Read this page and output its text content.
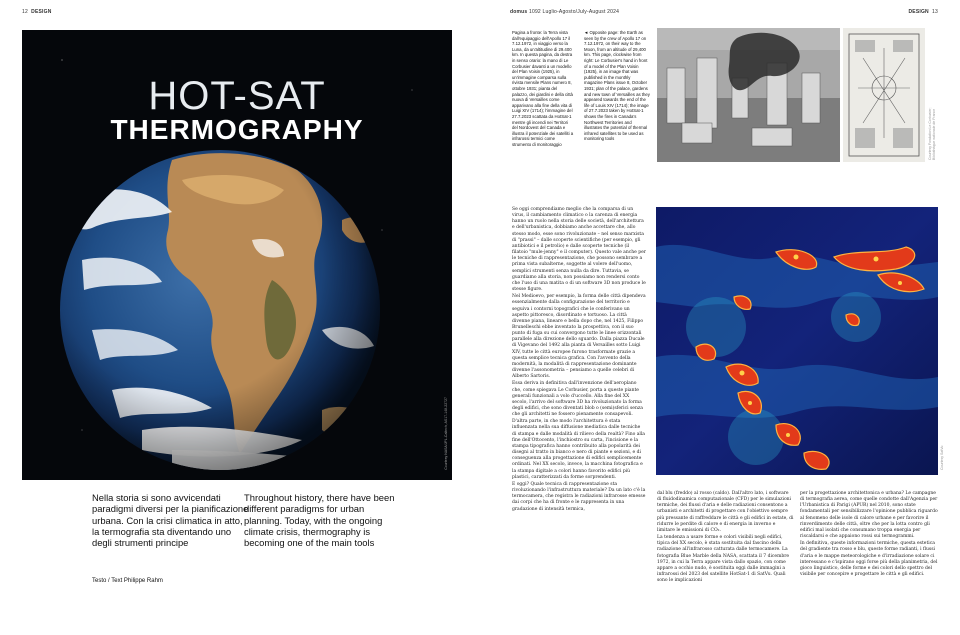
12 DESIGN
HOT-SAT
THERMOGRAPHY
Courtesy NASA/JPL-Caltech, AS17-148-22727
Nella storia si sono avvicendati paradigmi diversi per la pianificazione urbana. Con la crisi climatica in atto, la termografia sta diventando uno degli strumenti principe
Throughout history, there have been different paradigms for urban planning. Today, with the ongoing climate crisis, thermography is becoming one of the main tools
Testo / Text Philippe Rahm
domus 1092 Luglio-Agosto/July-August 2024	DESIGN 13
Pagina a fronte: la Terra vista dall'equipaggio dell'Apollo 17 il 7.12.1972, in viaggio verso la Luna, da un'altitudine di 29.400 km. In questa pagina, da destra in senso orario: la mano di Le Corbusier davanti a un modello del Plan Voisin (1925), in un'immagine comparsa sulla rivista mensile Plans numero 8, ottobre 1931; pianta del palazzo, dei giardini e della città nuova di Versailles come apparivano alla fine della vita di Luigi XIV (1714); l'immagine del 27.7.2023 scattata da HotSat-1 mentre gli incendi nei Territori del Nordovest del Canada e illustra il potenziale dei satelliti a infrarossi termici come strumento di monitoraggio
◄ Opposite page: the Earth as seen by the crew of Apollo 17 on 7.12.1972, on their way to the Moon, from an altitude of 29,400 km. This page, clockwise from right: Le Corbusier's hand in front of a model of the Plan Voisin (1925), in an image that was published in the monthly magazine Plans issue 8, October 1931; plan of the palace, gardens and new town of Versailles as they appeared towards the end of the life of Louis XIV (1714); the image of 27.7.2023 taken by HotSat-1 shows the fires in Canada's Northwest Territories and illustrates the potential of thermal infrared satellites to be used as monitoring tools	Courtesy Fondation Le Corbusier; Bibliothèque nationale de France
Courtesy SatVu

Se oggi comprendiamo meglio che la comparsa di un virus, il cambiamento climatico o la carenza di energia hanno un ruolo nella storia delle società, dell'architettura e dell'urbanistica, dobbiamo anche accettare che, allo stesso modo, esse sono rivoluzionate – nel senso marxista di "prassi" – dalle scoperte scientifiche (per esempio, gli antibiotici e il petrolio) e dalle scoperte tecniche (il filatoio "mule-jenny" e il computer). Questo vale anche per le tecniche di rappresentazione, che possono sembrare a prima vista subalterne, soggette al volere dell'uomo, semplici strumenti senza nulla da dire. Tuttavia, se guardiamo alla storia, non possiamo non rendersi conto che l'uso di una matita o di un software 3D non produce le stesse figure.

Nel Medioevo, per esempio, la forma delle città dipendeva essenzialmente dalla configurazione del territorio e seguiva i contorni topografici che le conferivano un aspetto pittoresco, disordinato e tortuoso. La città divenne piana, lineare e bella dopo che, nel 1425, Filippo Brunelleschi ebbe inventato la prospettiva, con il suo punto di fuga su cui convergono tutte le linee orizzontali parallele alla direzione dello sguardo. Dalla piazza Ducale di Vigevano del 1492 alla pianta di Versailles sotto Luigi XIV, tutte le città europee furono trasformate grazie a questa semplice tecnica grafica. Con l'avvento della modernità, la modalità di rappresentazione dominante divenne l'assonometria – pensiamo a quelle celebri di Alberto Sartoris.

Essa deriva in definitiva dall'invenzione dell'aeroplano che, come spiegava Le Corbusier, porta a queste piante generali funzionali a volo d'uccello. Alla fine del XX secolo, l'arrivo del software 3D ha rivoluzionato la forma degli edifici, che sono diventati blob o (semi)sferici senza che gli architetti ne fossero pienamente consapevoli.

D'altra parte, in che modo l'architettura è stata influenzata nella sua diffusione mediatica dalle tecniche di stampa e dalle modalità di rilievo della realtà? Fino alla fine dell'Ottocento, l'inchiostro su carta, l'incisione e la stampa tipografica hanno contribuito alla popolarità dei disegni al tratto in bianco e nero di piante e sezioni, e di conseguenza alla progettazione di edifici semplicemente ordinati. Nel XX secolo, invece, la macchina fotografica e la stampa digitale a colori hanno favorito edifici più plastici, caratterizzati da forme sorprendenti.

E oggi? Quale tecnica di rappresentazione sta rivoluzionando l'infrastruttura materiale? Da un lato c'è la termocamera, che registra le radiazioni infrarosse emesse dai corpi che ha di fronte e le rappresenta in una gradazione di intensità termica,

dal blu (freddo) al rosso (caldo). Dall'altro lato, i software di fluidodinamica computazionale (CFD) per le simulazioni termiche, dei flussi d'aria e delle radiazioni consentono a urbanisti e architetti di progettare con l'obiettivo sempre più pressante di raffreddare le città e gli edifici in estate, di ridurre le perdite di calore e di energia in inverno e limitare le emissioni di CO₂.

La tendenza a usare forme e colori visibili negli edifici, tipica del XX secolo, è stata sostituita dal fascino della radiazione all'infrarosso catturata dalle termocamere. La fotografia Blue Marble della NASA, scattata il 7 dicembre 1972, in cui la Terra appare vista dallo spazio, con come appare a occhio nudo, è sostituita oggi dalle immagini a infrarossi del 2023 del satellite HotSat-1 di SatVu. Quali sono le implicazioni

per la progettazione architettonica e urbana? Le campagne di termografia aerea, come quelle condotte dall'Agenzia per l'Urbanistica di Parigi (APUR) nel 2010, sono state fondamentali per sensibilizzare l'opinione pubblica riguardo al fenomeno delle isole di calore urbane e per favorire il rinverdimento delle città, oltre che per la lotta contro gli edifici mal isolati che consumano troppa energia per riscaldarsi e che appaiono rossi sui termogrammi.

In definitiva, queste informazioni termiche, questa estetica del gradiente tra rosso e blu, queste forme radianti, i flussi d'aria e le mappe meteorologiche e d'irradiazione solare ci interessano e c'ispirano oggi forse più della planimetria, del gioco linguistico, delle forme e dei colori dello spettro del visibile per concepire e progettare le città e gli edifici.
